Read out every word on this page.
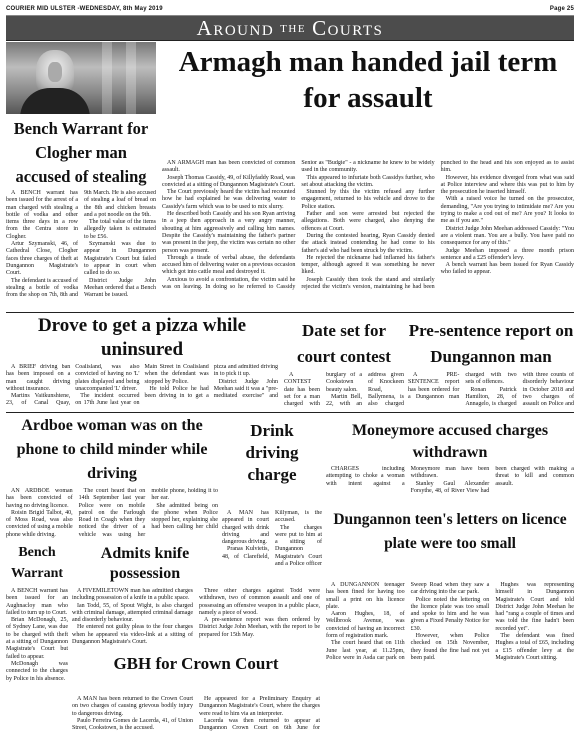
COURIER MID ULSTER -WEDNESDAY, 8th May 2019	Page 25
Around the Courts
Armagh man handed jail term for assault

AN ARMAGH man has been convicted of common assault.

Joseph Thomas Cassidy, 49, of Killyfaddy Road, was convicted at a sitting of Dungannon Magistrate's Court.

The Court previously heard the victim had recounted how he had explained he was delivering water to Cassidy's farm which was to be used to mix slurry.

He described both Cassidy and his son Ryan arriving in a jeep then approach in a very angry manner, shouting at him aggressively and calling him names. Despite the Cassidy's maintaining the father's partner was present in the jeep, the victim was certain no other person was present.

Through a tirade of verbal abuse, the defendants accused him of delivering water on a previous occasion which got into cattle meal and destroyed it.

Anxious to avoid a confrontation, the victim said he was on leaving. In doing so he referred to Cassidy Senior as "Budgie" - a nickname he knew to be widely used in the community.

This appeared to infuriate both Cassidys further, who set about attacking the victim.

Stunned by this the victim refused any further engagement, returned to his vehicle and drove to the Police station.

Father and son were arrested but rejected the allegations. Both were charged, also denying the offences at Court.

During the contested hearing, Ryan Cassidy denied the attack instead contending he had come to his father's aid who had been struck by the victim.

He rejected the nickname had inflamed his father's temper, although agreed it was something he never liked.

Joseph Cassidy then took the stand and similarly rejected the victim's version, maintaining he had been punched to the head and his son enjoyed as to assist him.

However, his evidence diverged from what was said at Police interview and where this was put to him by the prosecution he inserted himself.

With a raised voice he turned on the prosecutor, demanding, "Are you trying to intimidate me? Are you trying to make a cod out of me? Are you? It looks to me as if you are."

District Judge John Meehan addressed Cassidy: "You are a violent man. You are a bully. You have paid no consequence for any of this."

Judge Meehan imposed a three month prison sentence and a £25 offender's levy.

A bench warrant has been issued for Ryan Cassidy who failed to appear.

Bench Warrant for Clogher man accused of stealing

A BENCH warrant has been issued for the arrest of a man charged with stealing a bottle of vodka and other items three days in a row from the Centra store in Clogher.

Artur Szymanski, 46, of Cathedral Close, Clogher faces three charges of theft at Dungannon Magistrate's Court.

The defendant is accused of stealing a bottle of vodka from the shop on 7th, 8th and 9th March. He is also accused of stealing a loaf of bread on the 8th and chicken breasts and a pot noodle on the 9th.

The total value of the items allegedly taken is estimated to be £56.

Szymanski was due to appear in Dungannon Magistrate's Court but failed to appear in court when called to do so.

District Judge John Meehan ordered that a Bench Warrant be issued.

Drove to get a pizza while uninsured

A BRIEF driving ban has been imposed on a man caught driving without insurance.

Martins Vaitkunshtene, 23, of Canal Quay, Coalisland, was also convicted of having no 'L' plates displayed and being unaccompanied 'L' driver.

The incident occurred on 17th June last year on Main Street in Coalisland when the defendant was stopped by Police.

He told Police he had been driving in to get a pizza and admitted driving in to pick it up.

District Judge John Meehan said it was a "pre-meditated exercise" and

Date set for court contest

A CONTEST date has been set for a man charged with burglary of a Cookstown beauty salon.

Martin Bell, 22, with an address given of Knockeen Road, Ballymena, is also charged

Pre-sentence report on Dungannon man

A PRE-SENTENCE report has been ordered for a Dungannon man charged with two sets of offences.

Ronan Patrick Hamilton, 28, of Annagelo, is charged with three counts of disorderly behaviour in October 2018 and two charges of assault on Police and

Ardboe woman was on the phone to child minder while driving

AN ARDBOE woman has been convicted of having no driving licence.

Roisin Brigid Talbot, 40, of Moss Road, was also convicted of using a mobile phone while driving.

The court heard that on 14th September last year Police were on mobile patrol on the Farlough Road in Coagh when they noticed the driver of a vehicle was using her mobile phone, holding it to her ear.

She admitted being on the phone when Police stopped her, explaining she had been calling her child

Drink driving charge

A MAN has appeared in court charged with drink driving and dangerous driving.

Pranas Kulvietis, 48, of Clarefield, Killyman, is the accused.

The charges were put to him at a sitting of Dungannon Magistrate's Court and a Police officer

Moneymore accused charges withdrawn

CHARGES including attempting to choke a woman with intent against a Moneymore man have been withdrawn.

Stanley Gaul Alexander Forsythe, 48, of River View had been charged with making a threat to kill and common assault.

Dungannon teen's letters on licence plate were too small

A DUNGANNON teenager has been fined for having too small a print on his licence plate.

Aaron Hughes, 18, of Wellbrook Avenue, was convicted of having an incorrect form of registration mark.

The court heard that on 11th June last year, at 11.25pm, Police were in Asda car park on Sweep Road when they saw a car driving into the car park.

Police noted the lettering on the licence plate was too small and spoke to him and he was given a Fixed Penalty Notice for £30.

However, when Police checked on 15th November, they found the fine had not yet been paid.

Hughes was representing himself in Dungannon Magistrate's Court and told District Judge John Meehan he had "rang a couple of times and was told the fine hadn't been recorded yet".

The defendant was fined Hughes a total of £65, including a £15 offender levy at the Magistrate's Court sitting.

Bench Warrant

A BENCH warrant has been issued for an Aughnacloy man who failed to turn up to Court.

Brian McDonagh, 25, of Sydney Lane, was due to be charged with theft at a sitting of Dungannon Magistrate's Court but failed to appear.

McDonagh was connected to the charges by Police in his absence.

Admits knife possession

A FIVEMILETOWN man has admitted charges including possession of a knife in a public space.

Ian Todd, 55, of Spout Wight, is also charged with criminal damage, attempted criminal damage and disorderly behaviour.

He entered not guilty pleas to the four charges when he appeared via video-link at a sitting of Dungannon Magistrate's Court.

Three other charges against Todd were withdrawn, two of common assault and one of possessing an offensive weapon in a public place, namely a piece of wood.

A pre-sentence report was then ordered by District Judge John Meehan, with the report to be prepared for 15th May.

GBH for Crown Court

A MAN has been returned to the Crown Court on two charges of causing grievous bodily injury to dangerous driving.

Paulo Ferreira Gomes de Lacerda, 41, of Union Street, Cookstown, is the accused.

He appeared for a Preliminary Enquiry at Dungannon Magistrate's Court, where the charges were read to him via an interpreter.

Lacerda was then returned to appear at Dungannon Crown Court on 6th June for
